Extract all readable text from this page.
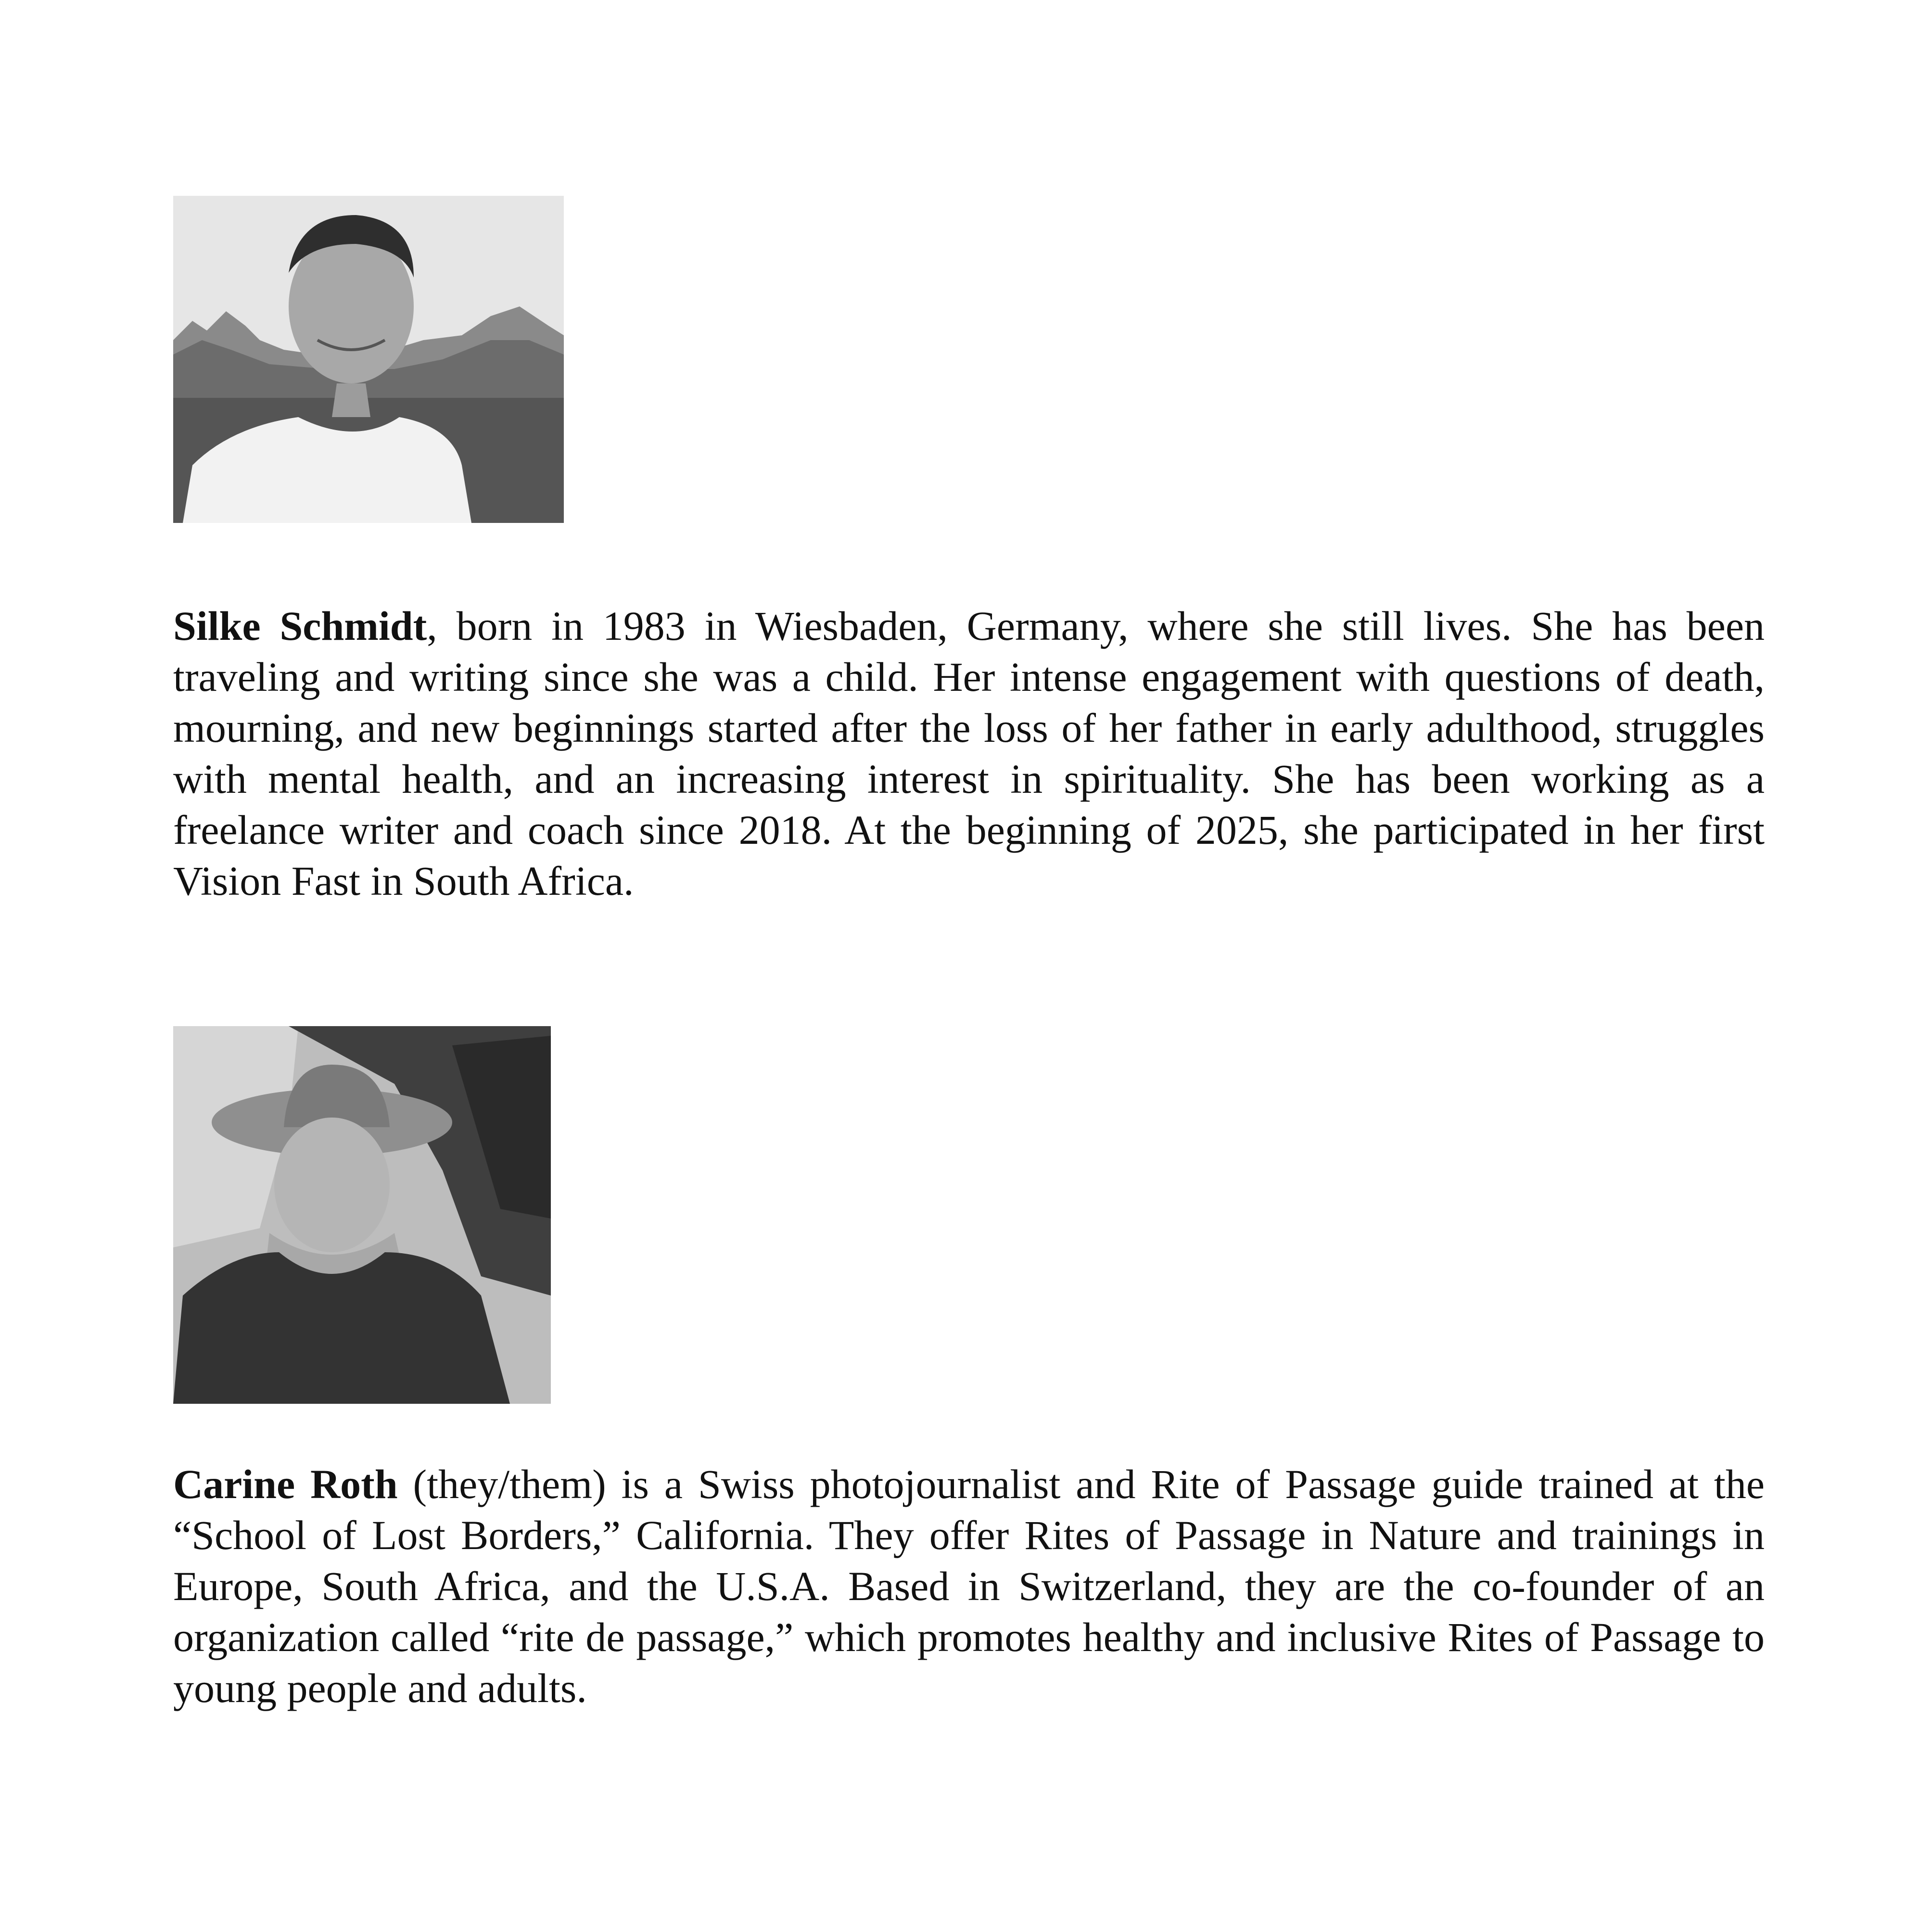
Silke Schmidt, born in 1983 in Wiesbaden, Germany, where she still lives. She has been traveling and writing since she was a child. Her intense engagement with questions of death, mourning, and new beginnings started after the loss of her father in early adulthood, struggles with mental health, and an increasing interest in spirituality. She has been working as a freelance writer and coach since 2018. At the beginning of 2025, she participated in her first Vision Fast in South Africa.

Carine Roth (they/them) is a Swiss photojournalist and Rite of Passage guide trained at the “School of Lost Borders,” California. They offer Rites of Passage in Nature and trainings in Europe, South Africa, and the U.S.A. Based in Switzerland, they are the co-founder of an organization called “rite de passage,” which promotes healthy and inclusive Rites of Passage to young people and adults.
